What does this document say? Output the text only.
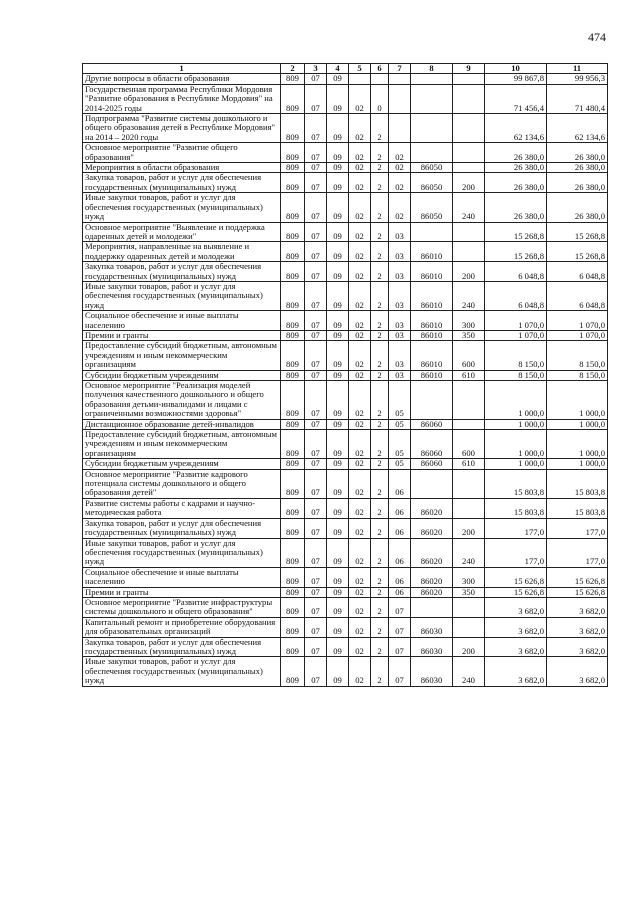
474
1	2	3	4	5	6	7	8	9	10	11
Другие вопросы в области образования	809	07	09						99 867,8	99 956,3
Государственная программа Республики Мордовия "Развитие образования в Республике Мордовия" на 2014-2025 годы	809	07	09	02	0				71 456,4	71 480,4
Подпрограмма "Развитие системы дошкольного и общего образования детей в Республике Мордовия" на 2014 – 2020 годы	809	07	09	02	2				62 134,6	62 134,6
Основное мероприятие "Развитие общего образования"	809	07	09	02	2	02			26 380,0	26 380,0
Мероприятия в области образования	809	07	09	02	2	02	86050		26 380,0	26 380,0
Закупка товаров, работ и услуг для обеспечения государственных (муниципальных) нужд	809	07	09	02	2	02	86050	200	26 380,0	26 380,0
Иные закупки товаров, работ и услуг для обеспечения государственных (муниципальных) нужд	809	07	09	02	2	02	86050	240	26 380,0	26 380,0
Основное мероприятие "Выявление и поддержка одаренных детей и молодежи"	809	07	09	02	2	03			15 268,8	15 268,8
Мероприятия, направленные на выявление и поддержку одаренных детей и молодежи	809	07	09	02	2	03	86010		15 268,8	15 268,8
Закупка товаров, работ и услуг для обеспечения государственных (муниципальных) нужд	809	07	09	02	2	03	86010	200	6 048,8	6 048,8
Иные закупки товаров, работ и услуг для обеспечения государственных (муниципальных) нужд	809	07	09	02	2	03	86010	240	6 048,8	6 048,8
Социальное обеспечение и иные выплаты населению	809	07	09	02	2	03	86010	300	1 070,0	1 070,0
Премии и гранты	809	07	09	02	2	03	86010	350	1 070,0	1 070,0
Предоставление субсидий бюджетным, автономным учреждениям и иным некоммерческим организациям	809	07	09	02	2	03	86010	600	8 150,0	8 150,0
Субсидии бюджетным учреждениям	809	07	09	02	2	03	86010	610	8 150,0	8 150,0
Основное мероприятие "Реализация моделей получения качественного дошкольного и общего образования детьми-инвалидами и лицами с ограниченными возможностями здоровья"	809	07	09	02	2	05			1 000,0	1 000,0
Дистанционное образование детей-инвалидов	809	07	09	02	2	05	86060		1 000,0	1 000,0
Предоставление субсидий бюджетным, автономным учреждениям и иным некоммерческим организациям	809	07	09	02	2	05	86060	600	1 000,0	1 000,0
Субсидии бюджетным учреждениям	809	07	09	02	2	05	86060	610	1 000,0	1 000,0
Основное мероприятие "Развитие кадрового потенциала системы дошкольного и общего образования детей"	809	07	09	02	2	06			15 803,8	15 803,8
Развитие системы работы с кадрами и научно-методическая работа	809	07	09	02	2	06	86020		15 803,8	15 803,8
Закупка товаров, работ и услуг для обеспечения государственных (муниципальных) нужд	809	07	09	02	2	06	86020	200	177,0	177,0
Иные закупки товаров, работ и услуг для обеспечения государственных (муниципальных) нужд	809	07	09	02	2	06	86020	240	177,0	177,0
Социальное обеспечение и иные выплаты населению	809	07	09	02	2	06	86020	300	15 626,8	15 626,8
Премии и гранты	809	07	09	02	2	06	86020	350	15 626,8	15 626,8
Основное мероприятие "Развитие инфраструктуры системы дошкольного и общего образования"	809	07	09	02	2	07			3 682,0	3 682,0
Капитальный ремонт и приобретение оборудования для образовательных организаций	809	07	09	02	2	07	86030		3 682,0	3 682,0
Закупка товаров, работ и услуг для обеспечения государственных (муниципальных) нужд	809	07	09	02	2	07	86030	200	3 682,0	3 682,0
Иные закупки товаров, работ и услуг для обеспечения государственных (муниципальных) нужд	809	07	09	02	2	07	86030	240	3 682,0	3 682,0
